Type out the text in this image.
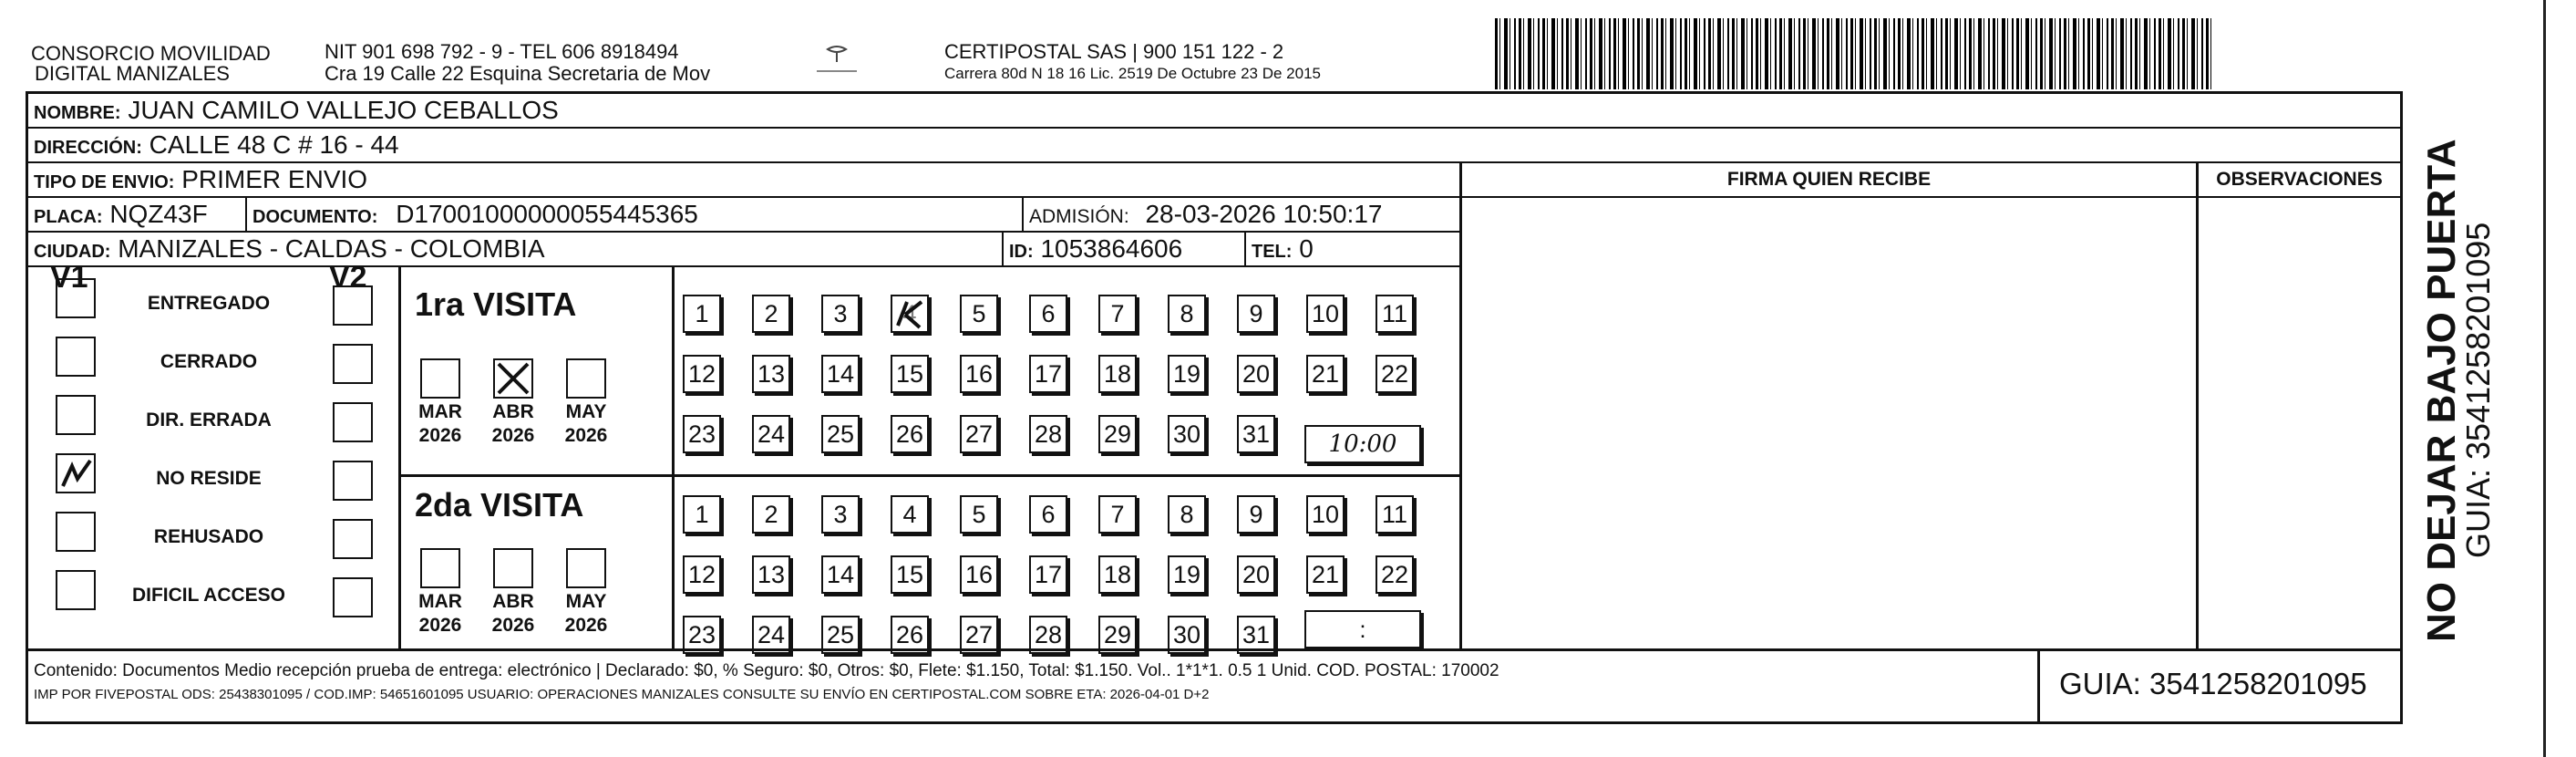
CONSORCIO MOVILIDAD
DIGITAL MANIZALES
NIT 901 698 792 - 9 - TEL 606 8918494
Cra 19 Calle 22 Esquina Secretaria de Mov
CERTIPOSTAL SAS | 900 151 122 - 2
Carrera 80d N 18 16 Lic. 2519 De Octubre 23 De 2015
NOMBRE: JUAN CAMILO VALLEJO CEBALLOS
DIRECCIÓN: CALLE 48 C # 16 - 44
TIPO DE ENVIO: PRIMER ENVIO
PLACA: NQZ43F	DOCUMENTO: D17001000000055445365	ADMISIÓN: 28-03-2026 10:50:17
CIUDAD: MANIZALES - CALDAS - COLOMBIA	ID: 1053864606	TEL: 0
FIRMA QUIEN RECIBE	OBSERVACIONES
V1	V2
ENTREGADO
CERRADO
DIR. ERRADA
NO RESIDE
REHUSADO
DIFICIL ACCESO
1ra VISITA
2da VISITA
MAR
2026
ABR
2026
MAY
2026
MAR
2026
ABR
2026
MAY
2026
1	2	3	4	5	6	7	8	9	10 11
12 13 14 15 16 17 18 19 20 21 22
23 24 25 26 27 28 29 30 31
1	2	3	4	5	6	7	8	9	10 11
12 13 14 15 16 17 18 19 20 21 22
23 24 25 26 27 28 29 30 31
10:00
:
Contenido: Documentos Medio recepción prueba de entrega: electrónico | Declarado: $0, % Seguro: $0, Otros: $0, Flete: $1.150, Total: $1.150. Vol.. 1*1*1. 0.5 1 Unid. COD. POSTAL: 170002
IMP POR FIVEPOSTAL ODS: 25438301095 / COD.IMP: 54651601095 USUARIO: OPERACIONES MANIZALES CONSULTE SU ENVÍO EN CERTIPOSTAL.COM SOBRE ETA: 2026-04-01 D+2	GUIA: 3541258201095
NO DEJAR BAJO PUERTA
GUIA: 3541258201095
